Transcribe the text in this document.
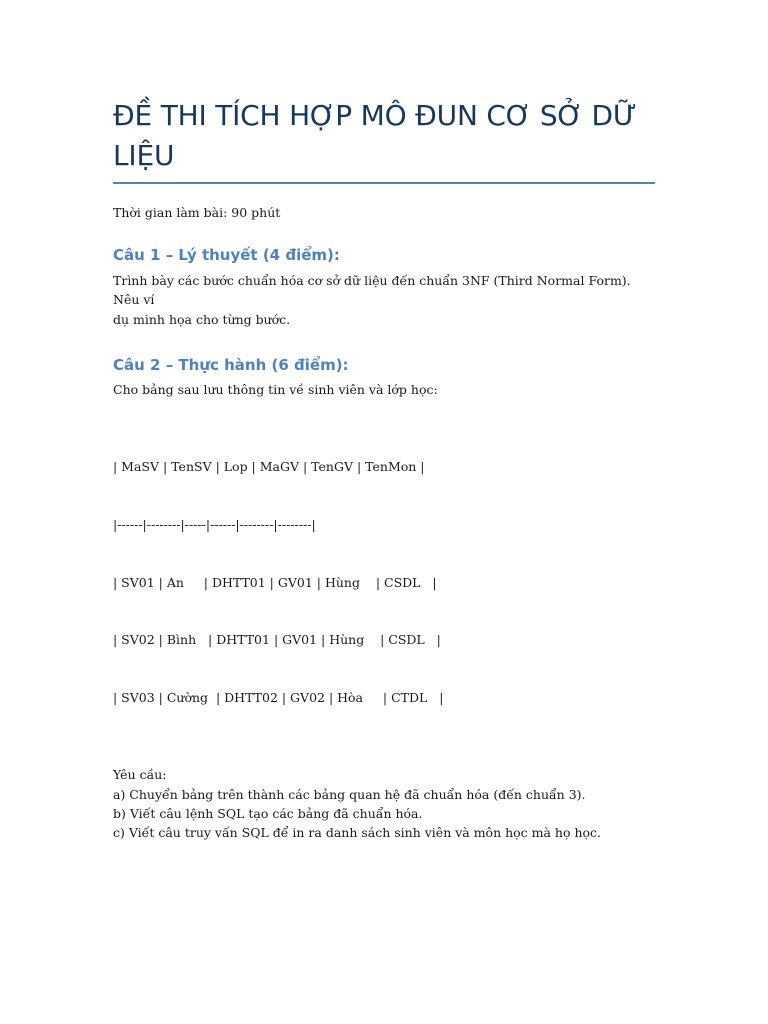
ĐỀ THI TÍCH HỢP MÔ ĐUN CƠ SỞ DỮ
LIỆU
Thời gian làm bài: 90 phút
Câu 1 – Lý thuyết (4 điểm):
Trình bày các bước chuẩn hóa cơ sở dữ liệu đến chuẩn 3NF (Third Normal Form). Nêu ví
dụ minh họa cho từng bước.
Câu 2 – Thực hành (6 điểm):
Cho bảng sau lưu thông tin về sinh viên và lớp học:

| MaSV | TenSV | Lop | MaGV | TenGV | TenMon |

|------|--------|-----|------|--------|--------|

| SV01 | An     | DHTT01 | GV01 | Hùng    | CSDL   |

| SV02 | Bình   | DHTT01 | GV01 | Hùng    | CSDL   |

| SV03 | Cường  | DHTT02 | GV02 | Hòa     | CTDL   |

Yêu cầu:
a) Chuyển bảng trên thành các bảng quan hệ đã chuẩn hóa (đến chuẩn 3).
b) Viết câu lệnh SQL tạo các bảng đã chuẩn hóa.
c) Viết câu truy vấn SQL để in ra danh sách sinh viên và môn học mà họ học.
